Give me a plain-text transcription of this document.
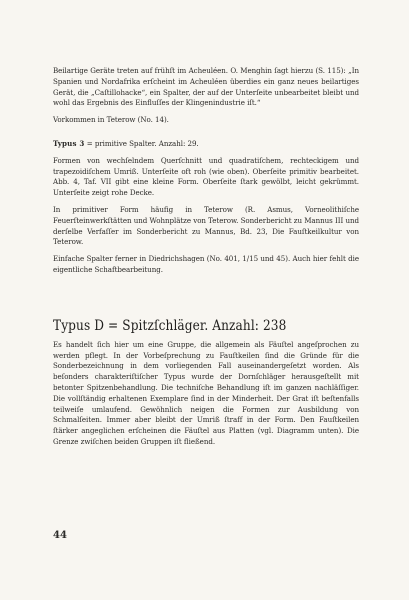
Beilartige Geräte treten auf frühſt im Acheuléen. O. Menghin ſagt hierzu (S. 115): „In Spanien und Nordafrika erſcheint im Acheuléen überdies ein ganz neues beilartiges Gerät, die „Caſtillohacke“, ein Spalter, der auf der Unterſeite unbearbeitet bleibt und wohl das Ergebnis des Einfluſſes der Klingenindustrie iſt.“

Vorkommen in Teterow (No. 14).

Typus 3 = primitive Spalter. Anzahl: 29.

Formen von wechſelndem Querſchnitt und quadratiſchem, rechteckigem und trapezoidiſchem Umriß. Unterſeite oft roh (wie oben). Oberſeite primitiv bearbeitet. Abb. 4, Taf. VII gibt eine kleine Form. Oberſeite ſtark gewölbt, leicht gekrümmt. Unterſeite zeigt rohe Decke.

In primitiver Form häufig in Teterow (R. Asmus, Vorneolithiſche Feuerſteinwerkſtätten und Wohnplätze von Teterow. Sonderbericht zu Mannus III und derſelbe Verfaſſer im Sonderbericht zu Mannus, Bd. 23, Die Fauſtkeilkultur von Teterow.

Einfache Spalter ferner in Diedrichshagen (No. 401, 1/15 und 45). Auch hier fehlt die eigentliche Schaftbearbeitung.

Typus D = Spitzſchläger. Anzahl: 238

Es handelt ſich hier um eine Gruppe, die allgemein als Fäuſtel angeſprochen zu werden pflegt. In der Vorbeſprechung zu Fauſtkeilen ſind die Gründe für die Sonderbezeichnung in dem vorliegenden Fall auseinandergeſetzt worden. Als beſonders charakteriſtiſcher Typus wurde der Dornſchläger herausgeſtellt mit betonter Spitzenbehandlung. Die techniſche Behandlung iſt im ganzen nachläſſiger. Die vollſtändig erhaltenen Exemplare ſind in der Minderheit. Der Grat iſt beſtenfalls teilweiſe umlaufend. Gewöhnlich neigen die Formen zur Ausbildung von Schmalſeiten. Immer aber bleibt der Umriß ſtraff in der Form. Den Fauſtkeilen ſtärker angeglichen erſcheinen die Fäuſtel aus Platten (vgl. Diagramm unten). Die Grenze zwiſchen beiden Gruppen iſt fließend.

44
